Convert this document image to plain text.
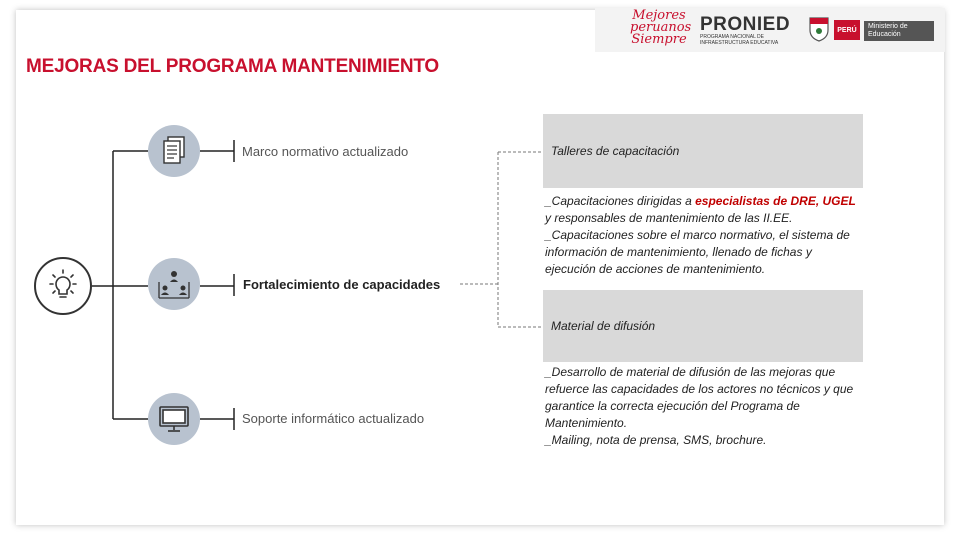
Mejores peruanos Siempre
PRONIED
PROGRAMA NACIONAL DE INFRAESTRUCTURA EDUCATIVA
PERÚ	Ministerio de Educación
MEJORAS DEL PROGRAMA MANTENIMIENTO
Marco normativo actualizado
Fortalecimiento de capacidades
Soporte informático actualizado
Talleres de capacitación
_Capacitaciones dirigidas a especialistas de DRE, UGEL
y responsables de mantenimiento de las II.EE.
_Capacitaciones sobre el marco normativo, el sistema de información de mantenimiento, llenado de fichas y ejecución de acciones de mantenimiento.
Material de difusión
_Desarrollo de material de difusión de las mejoras que refuerce las capacidades de los actores no técnicos y que garantice la correcta ejecución del Programa de Mantenimiento.
_Mailing, nota de prensa, SMS, brochure.
